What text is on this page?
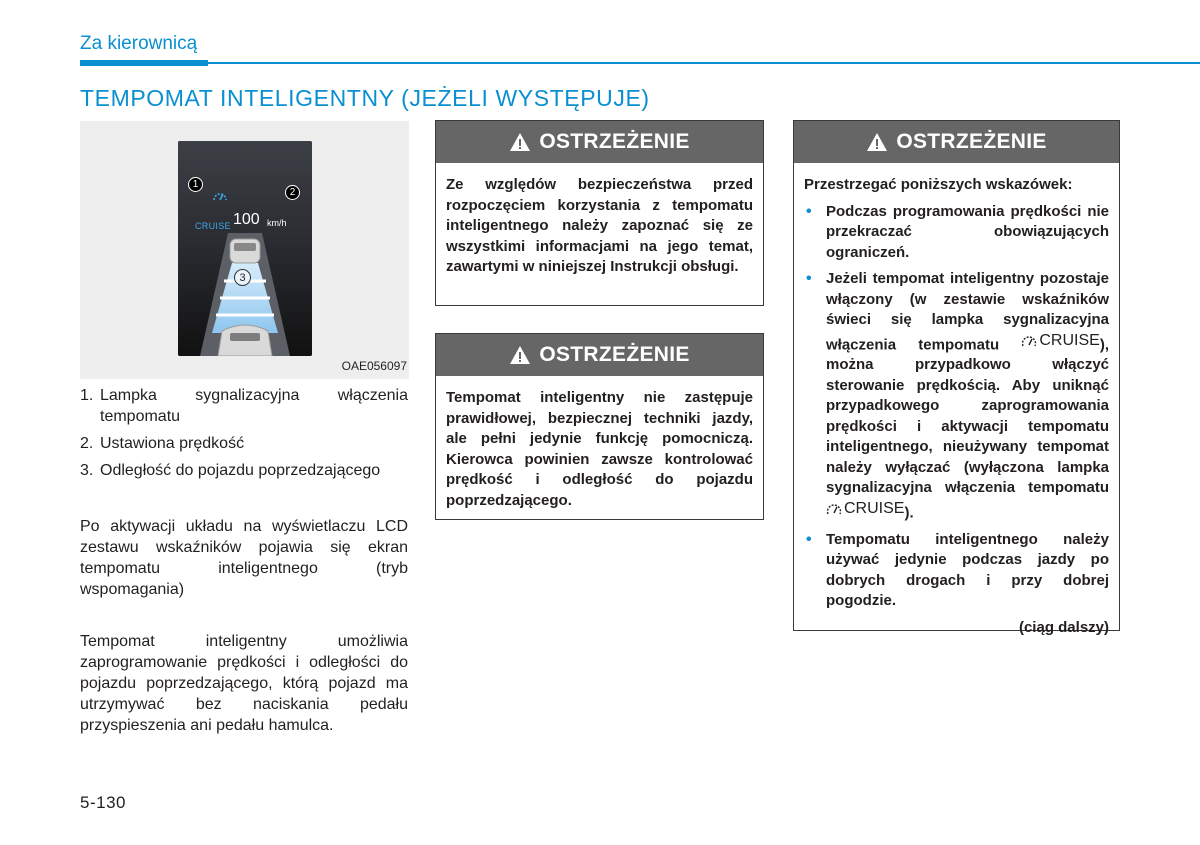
Za kierownicą
TEMPOMAT INTELIGENTNY (JEŻELI WYSTĘPUJE)
CRUISE 100 km/h
1
2
3
OAE056097
1. Lampka sygnalizacyjna włączenia tempomatu
2. Ustawiona prędkość
3. Odległość do pojazdu poprzedzającego

Po aktywacji układu na wyświetlaczu LCD zestawu wskaźników pojawia się ekran tempomatu inteligentnego (tryb wspomagania)

Tempomat inteligentny umożliwia zaprogramowanie prędkości i odległości do pojazdu poprzedzającego, którą pojazd ma utrzymywać bez naciskania pedału przyspieszenia ani pedału hamulca.

5-130
OSTRZEŻENIE
Ze względów bezpieczeństwa przed rozpoczęciem korzystania z tempomatu inteligentnego należy zapoznać się ze wszystkimi informacjami na jego temat, zawartymi w niniejszej Instrukcji obsługi.
OSTRZEŻENIE
Tempomat inteligentny nie zastępuje prawidłowej, bezpiecznej techniki jazdy, ale pełni jedynie funkcję pomocniczą. Kierowca powinien zawsze kontrolować prędkość i odległość do pojazdu poprzedzającego.
OSTRZEŻENIE
Przestrzegać poniższych wskazówek:
• Podczas programowania prędkości nie przekraczać obowiązujących ograniczeń.
• Jeżeli tempomat inteligentny pozostaje włączony (w zestawie wskaźników świeci się lampka sygnalizacyjna włączenia tempomatu	CRUISE ), można przypadkowo włączyć sterowanie prędkością. Aby uniknąć przypadkowego zaprogramowania prędkości i aktywacji tempomatu inteligentnego, nieużywany tempomat należy wyłączać (wyłączona lampka sygnalizacyjna włączenia tempomatu
CRUISE ).
• Tempomatu inteligentnego należy używać jedynie podczas jazdy po dobrych drogach i przy dobrej pogodzie.
(ciąg dalszy)
